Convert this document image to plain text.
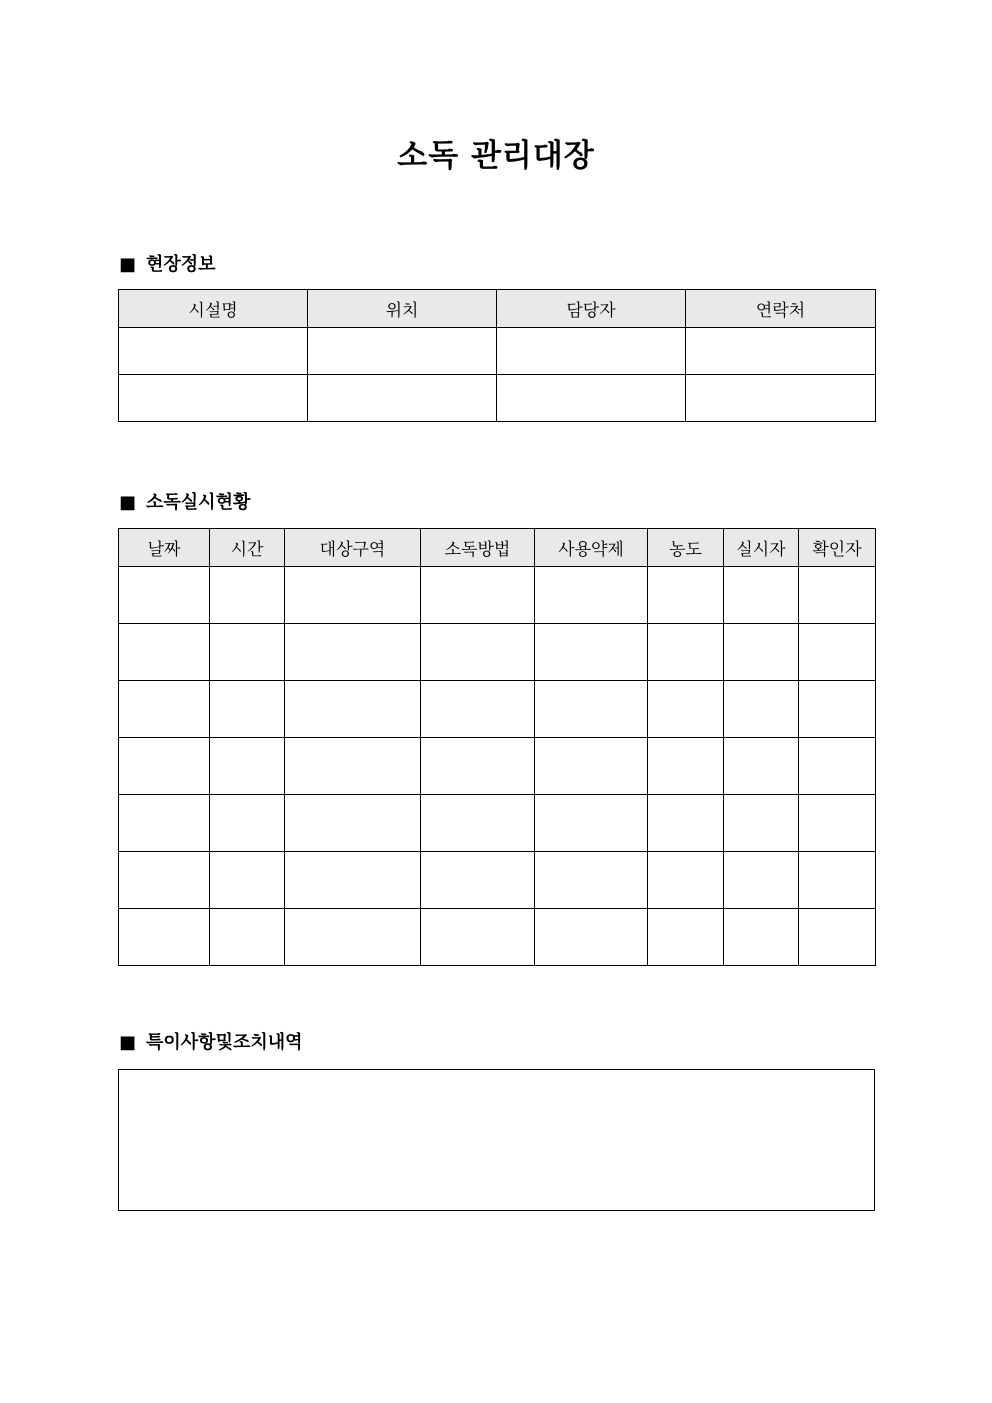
소독 관리대장
■ 현장정보
시설명	위치	담당자	연락처

■ 소독실시현황
날짜	시간	대상구역	소독방법	사용약제	농도	실시자	확인자

■ 특이사항및조치내역
